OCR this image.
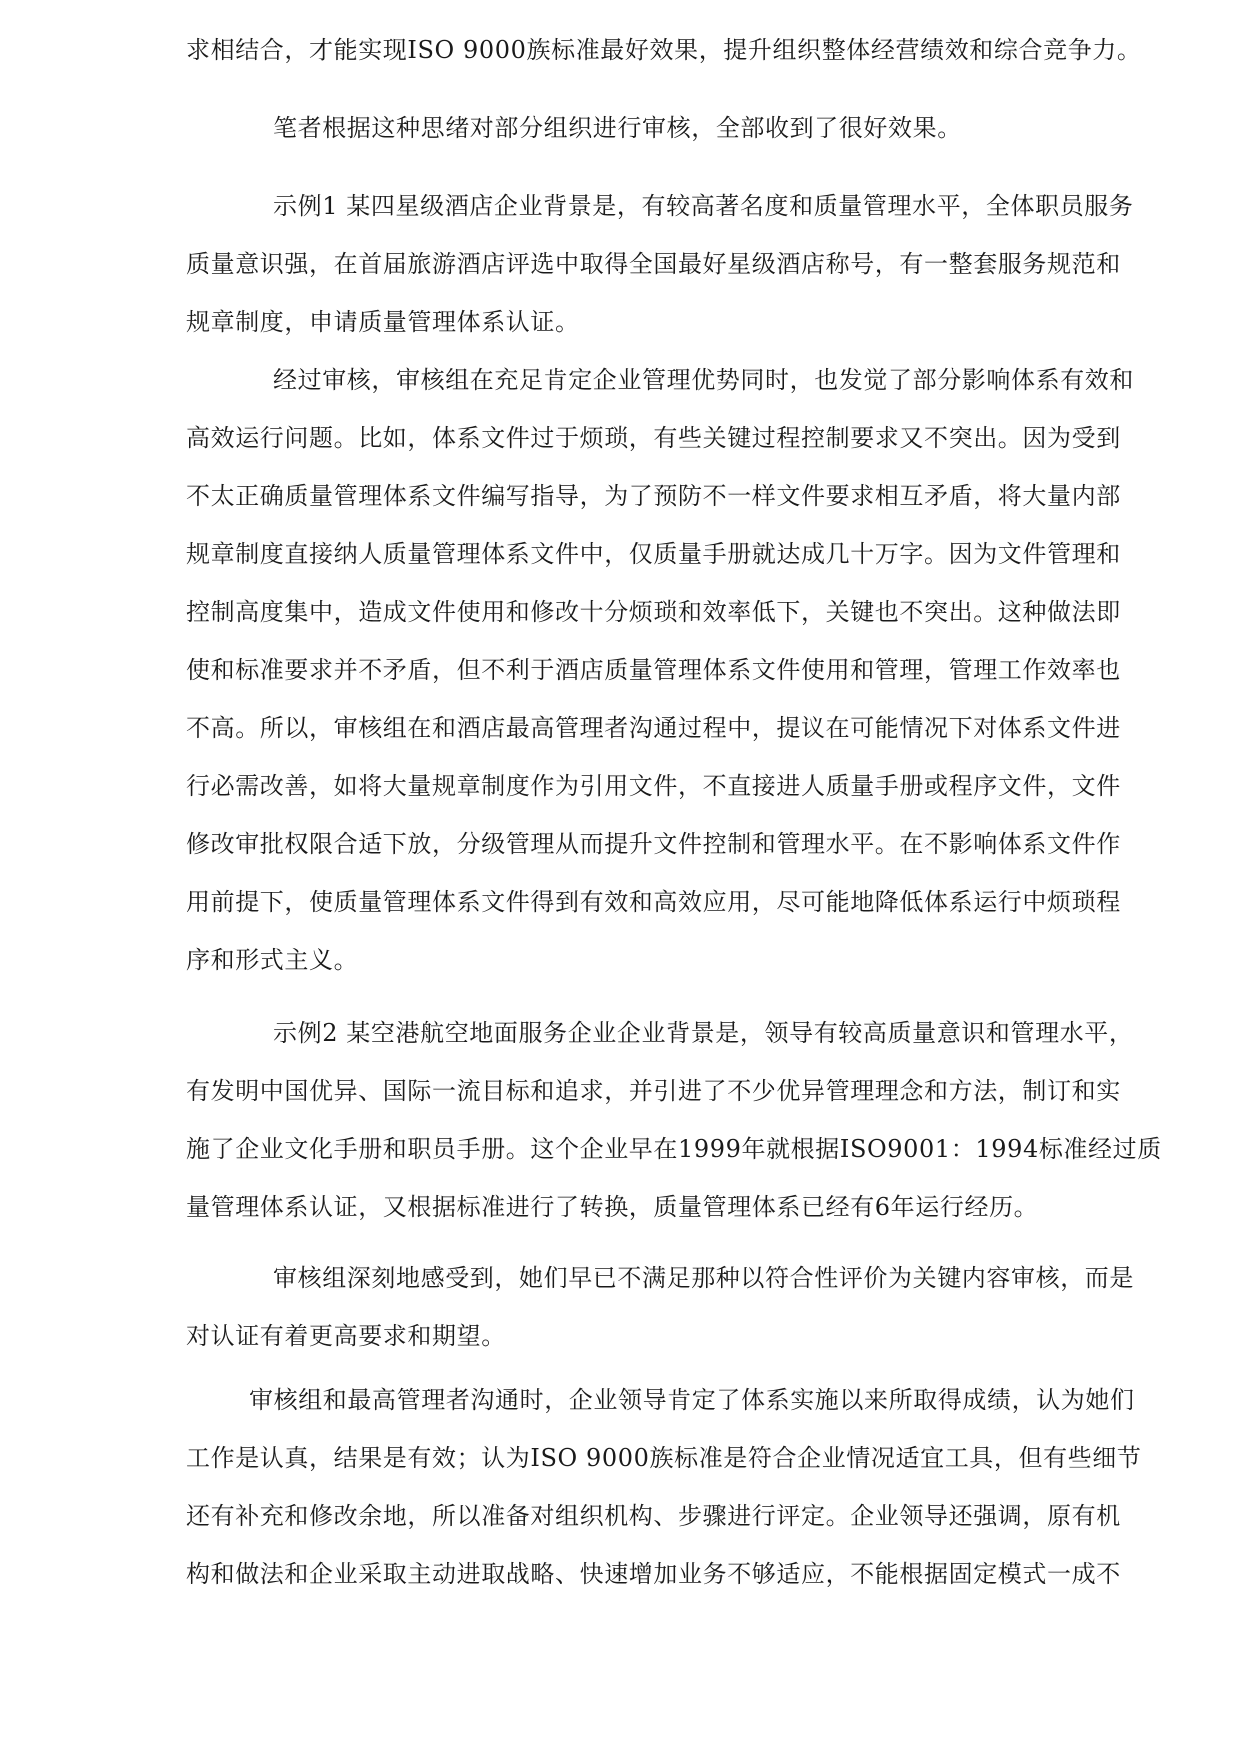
求相结合，才能实现ISO 9000族标准最好效果，提升组织整体经营绩效和综合竞争力。

笔者根据这种思绪对部分组织进行审核，全部收到了很好效果。

示例1 某四星级酒店企业背景是，有较高著名度和质量管理水平，全体职员服务

质量意识强，在首届旅游酒店评选中取得全国最好星级酒店称号，有一整套服务规范和

规章制度，申请质量管理体系认证。

经过审核，审核组在充足肯定企业管理优势同时，也发觉了部分影响体系有效和

高效运行问题。比如，体系文件过于烦琐，有些关键过程控制要求又不突出。因为受到

不太正确质量管理体系文件编写指导，为了预防不一样文件要求相互矛盾，将大量内部

规章制度直接纳人质量管理体系文件中，仅质量手册就达成几十万字。因为文件管理和

控制高度集中，造成文件使用和修改十分烦琐和效率低下，关键也不突出。这种做法即

使和标准要求并不矛盾，但不利于酒店质量管理体系文件使用和管理，管理工作效率也

不高。所以，审核组在和酒店最高管理者沟通过程中，提议在可能情况下对体系文件进

行必需改善，如将大量规章制度作为引用文件，不直接进人质量手册或程序文件，文件

修改审批权限合适下放，分级管理从而提升文件控制和管理水平。在不影响体系文件作

用前提下，使质量管理体系文件得到有效和高效应用，尽可能地降低体系运行中烦琐程

序和形式主义。

示例2 某空港航空地面服务企业企业背景是，领导有较高质量意识和管理水平，

有发明中国优异、国际一流目标和追求，并引进了不少优异管理理念和方法，制订和实

施了企业文化手册和职员手册。这个企业早在1999年就根据ISO9001：1994标准经过质

量管理体系认证，又根据标准进行了转换，质量管理体系已经有6年运行经历。

审核组深刻地感受到，她们早已不满足那种以符合性评价为关键内容审核，而是

对认证有着更高要求和期望。

审核组和最高管理者沟通时，企业领导肯定了体系实施以来所取得成绩，认为她们

工作是认真，结果是有效；认为ISO 9000族标准是符合企业情况适宜工具，但有些细节

还有补充和修改余地，所以准备对组织机构、步骤进行评定。企业领导还强调，原有机

构和做法和企业采取主动进取战略、快速增加业务不够适应，不能根据固定模式一成不
